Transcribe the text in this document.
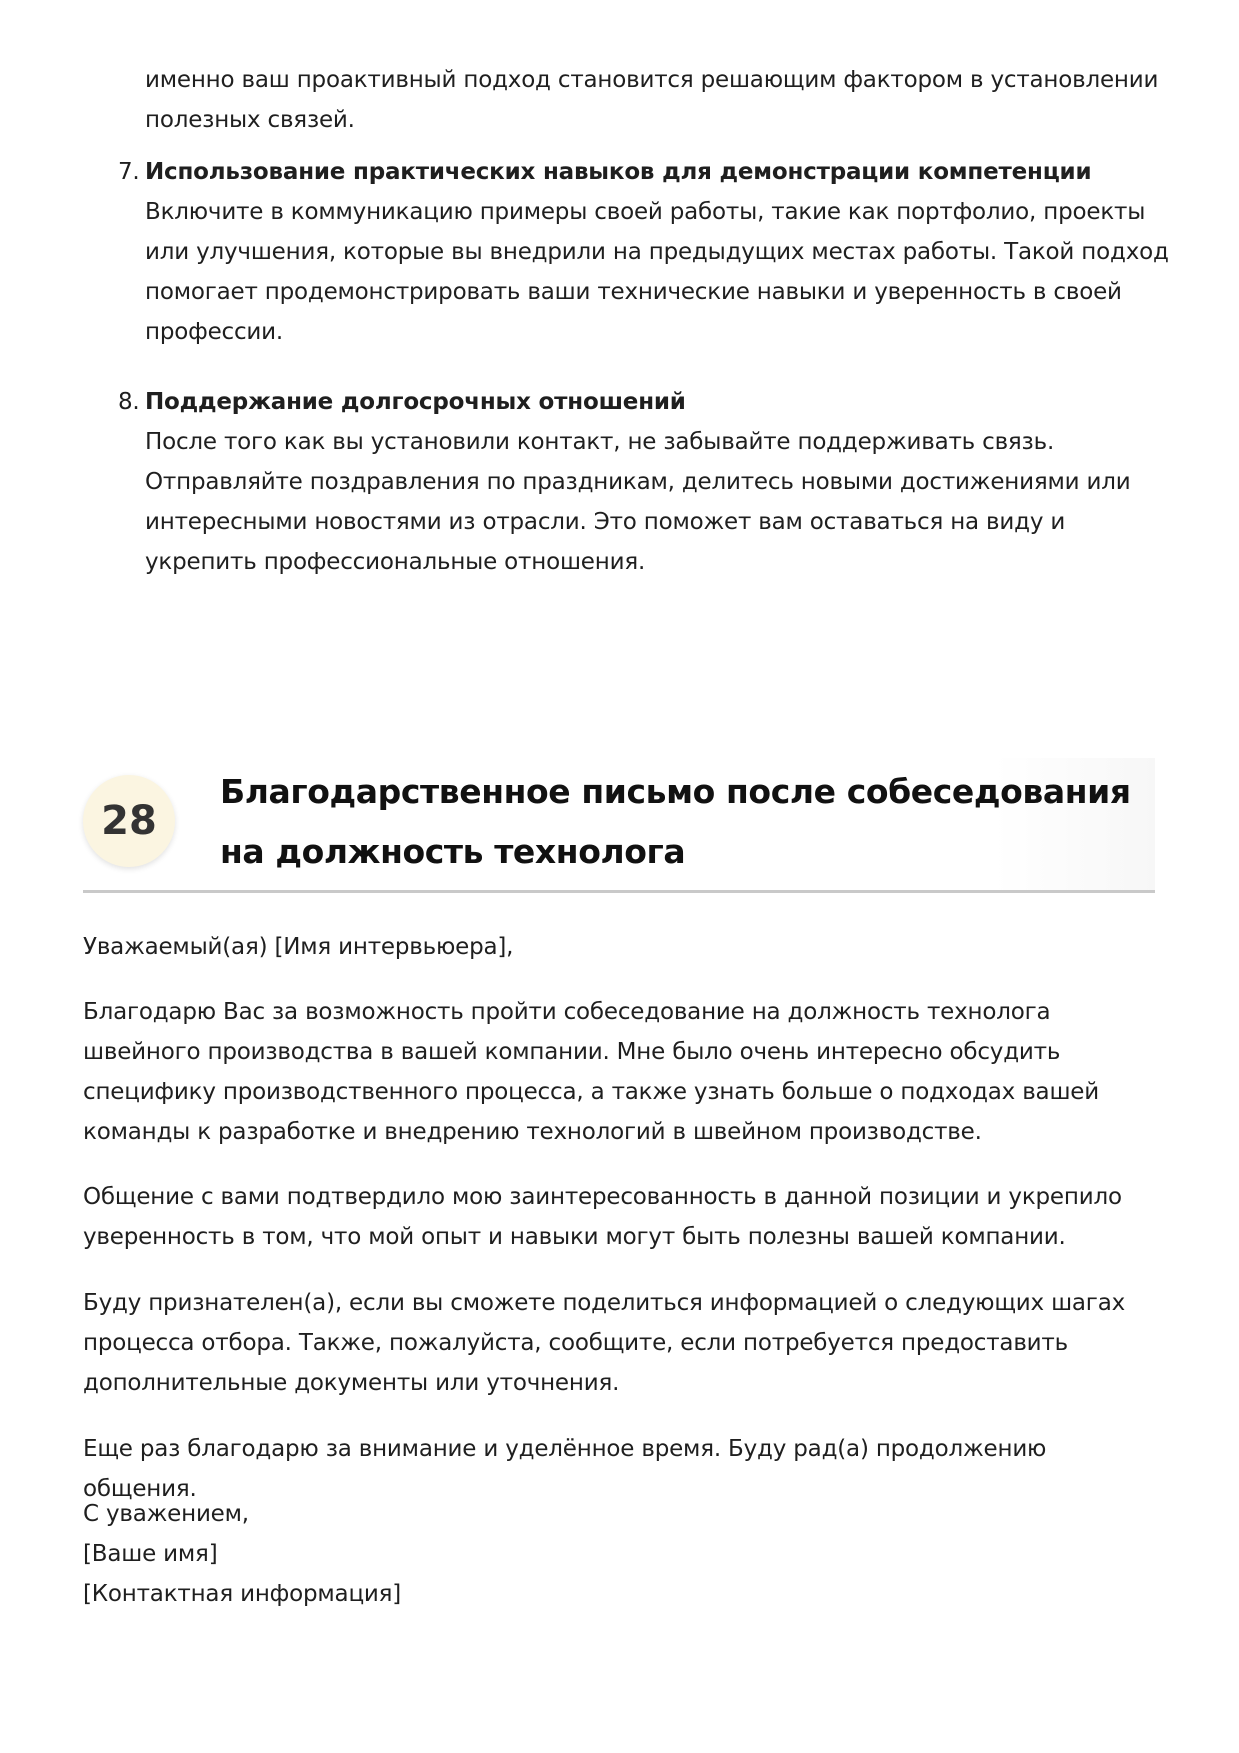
именно ваш проактивный подход становится решающим фактором в установлении
полезных связей.

7. Использование практических навыков для демонстрации компетенции
Включите в коммуникацию примеры своей работы, такие как портфолио, проекты или улучшения, которые вы внедрили на предыдущих местах работы. Такой подход помогает продемонстрировать ваши технические навыки и уверенность в своей профессии.
8. Поддержание долгосрочных отношений
После того как вы установили контакт, не забывайте поддерживать связь. Отправляйте поздравления по праздникам, делитесь новыми достижениями или интересными новостями из отрасли. Это поможет вам оставаться на виду и укрепить профессиональные отношения.
28
Благодарственное письмо после собеседования
на должность технолога

Уважаемый(ая) [Имя интервьюера],

Благодарю Вас за возможность пройти собеседование на должность технолога швейного производства в вашей компании. Мне было очень интересно обсудить специфику производственного процесса, а также узнать больше о подходах вашей команды к разработке и внедрению технологий в швейном производстве.

Общение с вами подтвердило мою заинтересованность в данной позиции и укрепило уверенность в том, что мой опыт и навыки могут быть полезны вашей компании.

Буду признателен(а), если вы сможете поделиться информацией о следующих шагах процесса отбора. Также, пожалуйста, сообщите, если потребуется предоставить дополнительные документы или уточнения.

Еще раз благодарю за внимание и уделённое время. Буду рад(а) продолжению общения.

С уважением,
[Ваше имя]
[Контактная информация]
